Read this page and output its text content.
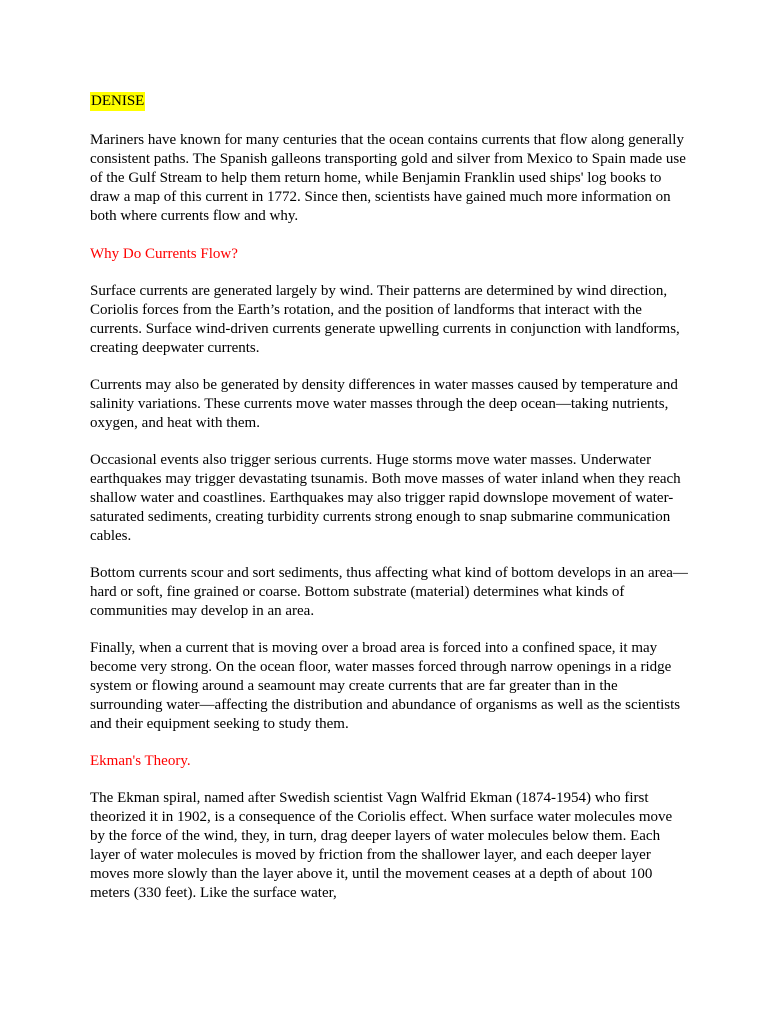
DENISE

Mariners have known for many centuries that the ocean contains currents that flow along generally consistent paths. The Spanish galleons transporting gold and silver from Mexico to Spain made use of the Gulf Stream to help them return home, while Benjamin Franklin used ships' log books to draw a map of this current in 1772. Since then, scientists have gained much more information on both where currents flow and why.

Why Do Currents Flow?

Surface currents are generated largely by wind. Their patterns are determined by wind direction, Coriolis forces from the Earth’s rotation, and the position of landforms that interact with the currents. Surface wind-driven currents generate upwelling currents in conjunction with landforms, creating deepwater currents.

Currents may also be generated by density differences in water masses caused by temperature and salinity variations. These currents move water masses through the deep ocean—taking nutrients, oxygen, and heat with them.

Occasional events also trigger serious currents. Huge storms move water masses. Underwater earthquakes may trigger devastating tsunamis. Both move masses of water inland when they reach shallow water and coastlines. Earthquakes may also trigger rapid downslope movement of water-saturated sediments, creating turbidity currents strong enough to snap submarine communication cables.

Bottom currents scour and sort sediments, thus affecting what kind of bottom develops in an area—hard or soft, fine grained or coarse. Bottom substrate (material) determines what kinds of communities may develop in an area.

Finally, when a current that is moving over a broad area is forced into a confined space, it may become very strong. On the ocean floor, water masses forced through narrow openings in a ridge system or flowing around a seamount may create currents that are far greater than in the surrounding water—affecting the distribution and abundance of organisms as well as the scientists and their equipment seeking to study them.

Ekman's Theory.

The Ekman spiral, named after Swedish scientist Vagn Walfrid Ekman (1874-1954) who first theorized it in 1902, is a consequence of the Coriolis effect. When surface water molecules move by the force of the wind, they, in turn, drag deeper layers of water molecules below them. Each layer of water molecules is moved by friction from the shallower layer, and each deeper layer moves more slowly than the layer above it, until the movement ceases at a depth of about 100 meters (330 feet). Like the surface water,
